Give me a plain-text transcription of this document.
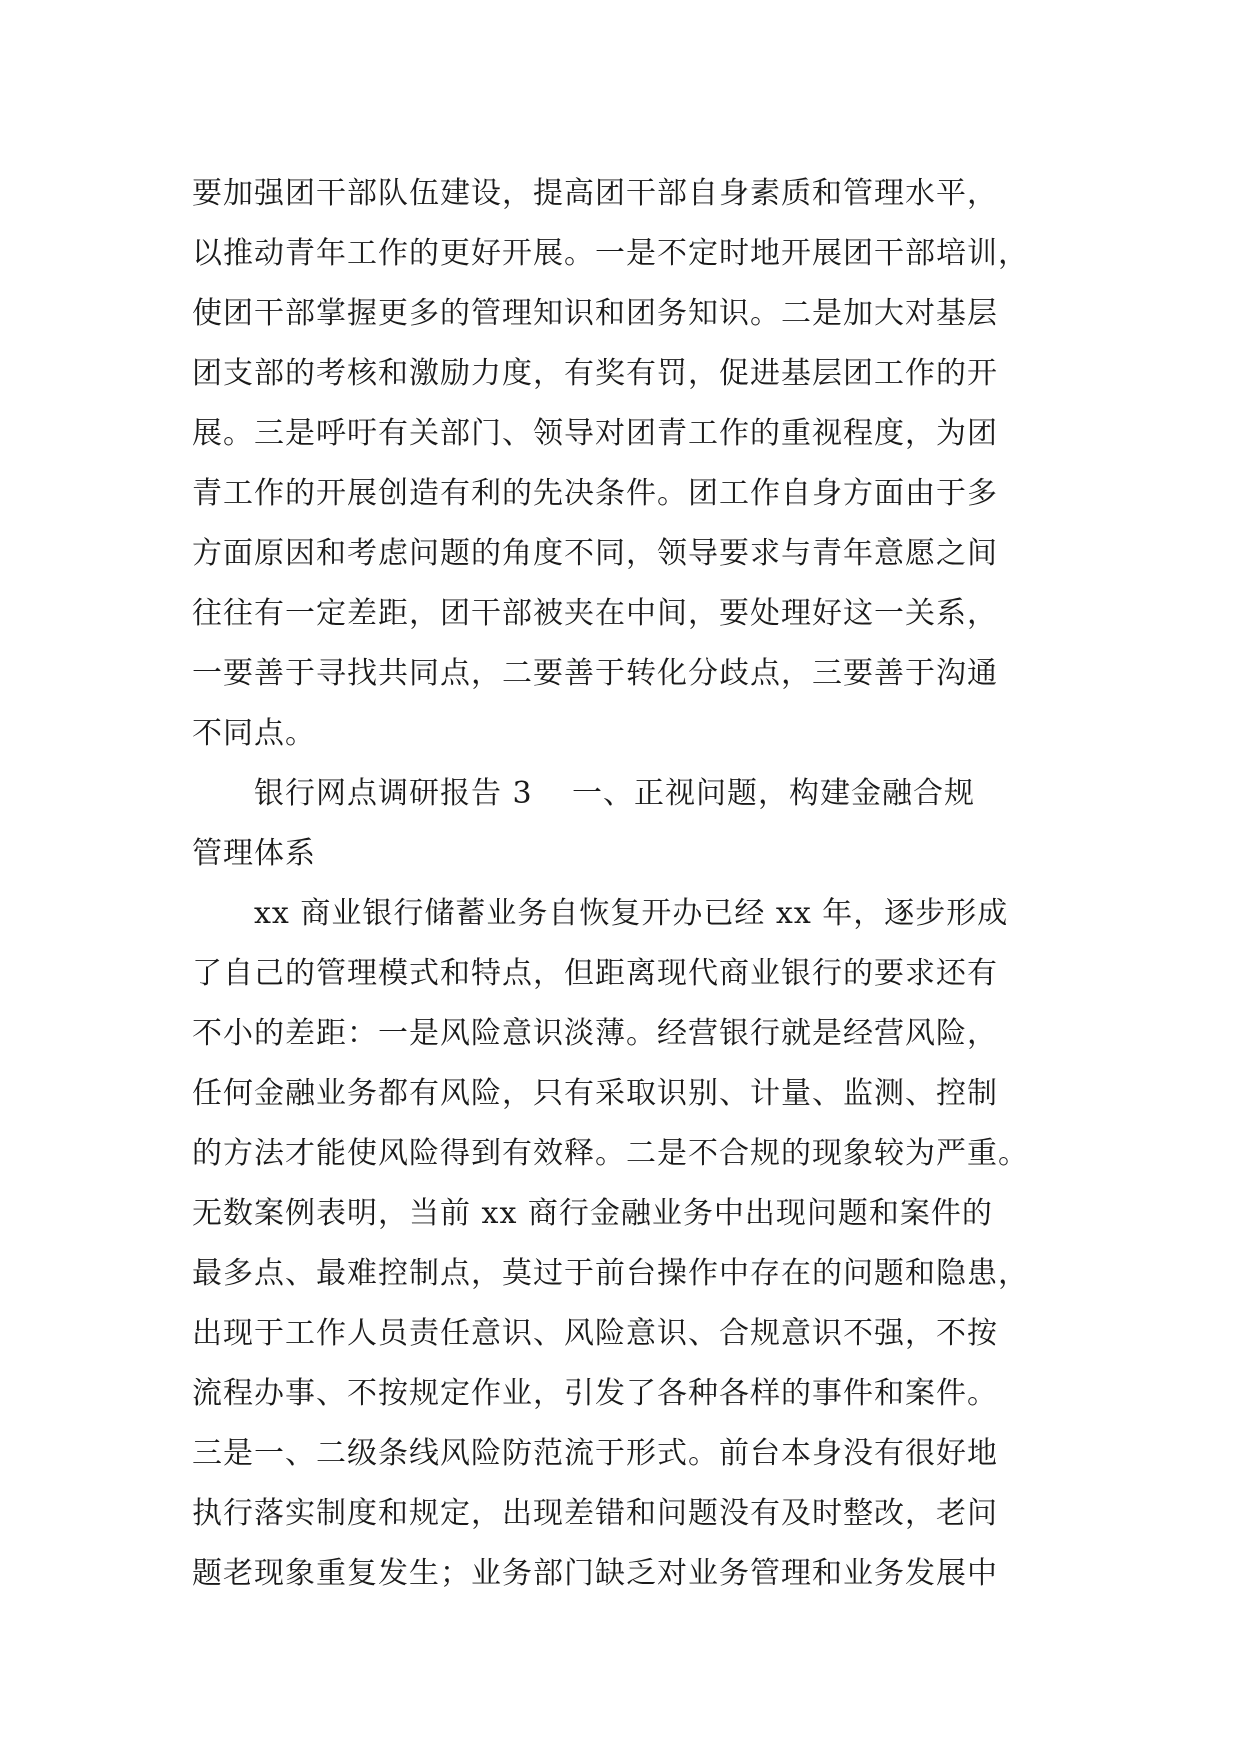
要加强团干部队伍建设，提高团干部自身素质和管理水平，
以推动青年工作的更好开展。一是不定时地开展团干部培训，
使团干部掌握更多的管理知识和团务知识。二是加大对基层
团支部的考核和激励力度，有奖有罚，促进基层团工作的开
展。三是呼吁有关部门、领导对团青工作的重视程度，为团
青工作的开展创造有利的先决条件。团工作自身方面由于多
方面原因和考虑问题的角度不同，领导要求与青年意愿之间
往往有一定差距，团干部被夹在中间，要处理好这一关系，
一要善于寻找共同点，二要善于转化分歧点，三要善于沟通
不同点。
银行网点调研报告 3 一、正视问题，构建金融合规
管理体系
xx 商业银行储蓄业务自恢复开办已经 xx 年，逐步形成
了自己的管理模式和特点，但距离现代商业银行的要求还有
不小的差距：一是风险意识淡薄。经营银行就是经营风险，
任何金融业务都有风险，只有采取识别、计量、监测、控制
的方法才能使风险得到有效释。二是不合规的现象较为严重。
无数案例表明，当前 xx 商行金融业务中出现问题和案件的
最多点、最难控制点，莫过于前台操作中存在的问题和隐患，
出现于工作人员责任意识、风险意识、合规意识不强，不按
流程办事、不按规定作业，引发了各种各样的事件和案件。
三是一、二级条线风险防范流于形式。前台本身没有很好地
执行落实制度和规定，出现差错和问题没有及时整改，老问
题老现象重复发生；业务部门缺乏对业务管理和业务发展中
